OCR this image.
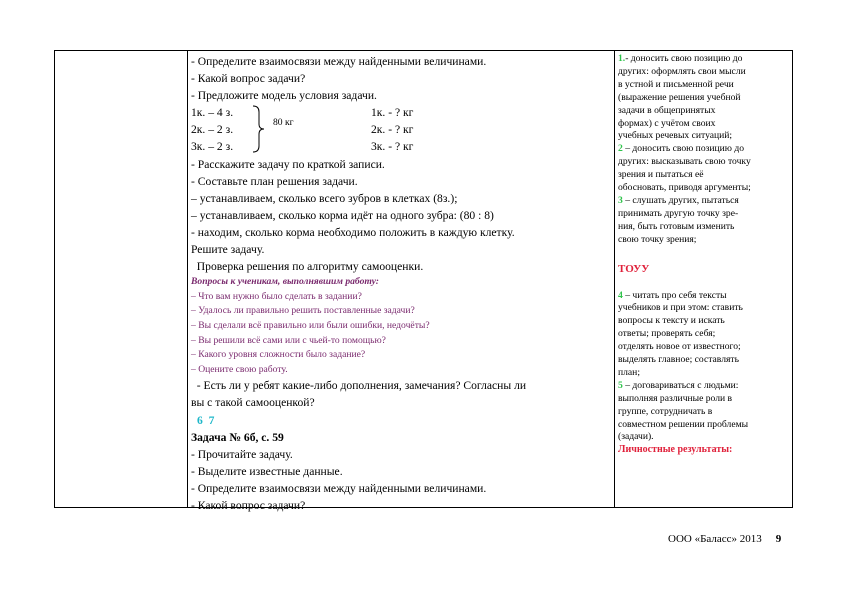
- Определите взаимосвязи между найденными величинами.
- Какой вопрос задачи?
- Предложите модель условия задачи.
1к. – 4 з.	1к. - ? кг
2к. – 2 з.	2к. - ? кг
3к. – 2 з.	3к. - ? кг
80 кг
- Расскажите задачу по краткой записи.
- Составьте план решения задачи.
– устанавливаем, сколько всего зубров в клетках (8з.);
– устанавливаем, сколько корма идёт на одного зубра: (80 : 8)
- находим, сколько корма необходимо положить в каждую клетку.
Решите задачу.
Проверка решения по алгоритму самооценки.
Вопросы к ученикам, выполнявшим работу:
– Что вам нужно было сделать в задании?
– Удалось ли правильно решить поставленные задачи?
– Вы сделали всё правильно или были ошибки, недочёты?
– Вы решили всё сами или с чьей-то помощью?
– Какого уровня сложности было задание?
– Оцените свою работу.
- Есть ли у ребят какие-либо дополнения, замечания? Согласны ли
вы с такой самооценкой?
6  7
Задача № 6б, с. 59
- Прочитайте задачу.
- Выделите известные данные.
- Определите взаимосвязи между найденными величинами.
- Какой вопрос задачи?
1.- доносить свою позицию до
других: оформлять свои мысли
в устной и письменной речи
(выражение решения учебной
задачи в общепринятых
формах) с учётом своих
учебных речевых ситуаций;
2 – доносить свою позицию до
других: высказывать свою точку
зрения и пытаться её
обосновать, приводя аргументы;
3 – слушать других, пытаться
принимать другую точку зре-
ния, быть готовым изменить
свою точку зрения;
ТОУУ
4 – читать про себя тексты
учебников и при этом: ставить
вопросы к тексту и искать
ответы; проверять себя;
отделять новое от известного;
выделять главное; составлять
план;
5 – договариваться с людьми:
выполняя различные роли в
группе, сотрудничать в
совместном решении проблемы
(задачи).
Личностные результаты:
ООО «Баласс» 2013 9
